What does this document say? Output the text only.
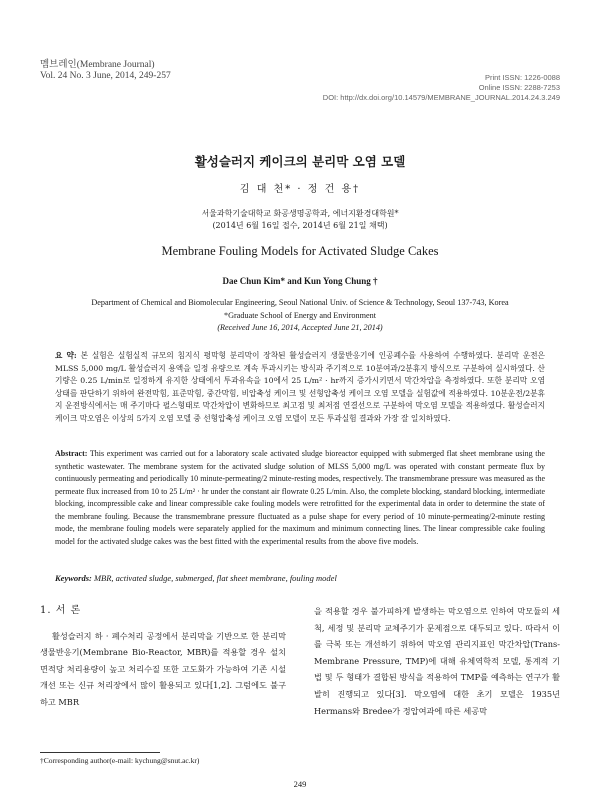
멤브레인(Membrane Journal)
Vol. 24 No. 3 June, 2014, 249-257	Print ISSN: 1226-0088
Online ISSN: 2288-7253
DOI: http://dx.doi.org/10.14579/MEMBRANE_JOURNAL.2014.24.3.249
활성슬러지 케이크의 분리막 오염 모델
김 대 천* · 정 건 용†
서울과학기술대학교 화공생명공학과, 에너지환경대학원*
(2014년 6월 16일 접수, 2014년 6월 21일 채택)
Membrane Fouling Models for Activated Sludge Cakes
Dae Chun Kim* and Kun Yong Chung †
Department of Chemical and Biomolecular Engineering, Seoul National Univ. of Science & Technology, Seoul 137-743, Korea
*Graduate School of Energy and Environment
(Received June 16, 2014, Accepted June 21, 2014)
요 약: 본 실험은 실험실적 규모의 침지식 평막형 분리막이 장착된 활성슬러지 생물반응기에 인공폐수를 사용하여 수행하였다. 분리막 운전은 MLSS 5,000 mg/L 활성슬러지 용액을 일정 유량으로 계속 투과시키는 방식과 주기적으로 10분여과/2분휴지 방식으로 구분하여 실시하였다. 산기량은 0.25 L/min로 일정하게 유지한 상태에서 투과유속을 10에서 25 L/m² · hr까지 증가시키면서 막간차압을 측정하였다. 또한 분리막 오염 상태를 판단하기 위하여 완전막힘, 표준막힘, 중간막힘, 비압축성 케이크 및 선형압축성 케이크 오염 모델을 실험값에 적용하였다. 10분운전/2분휴지 운전방식에서는 매 주기마다 펄스형태로 막간차압이 변화하므로 최고점 및 최저점 연결선으로 구분하여 막오염 모델을 적용하였다. 활성슬러지 케이크 막오염은 이상의 5가지 오염 모델 중 선형압축성 케이크 오염 모델이 모든 투과실험 결과와 가장 잘 일치하였다.
Abstract: This experiment was carried out for a laboratory scale activated sludge bioreactor equipped with submerged flat sheet membrane using the synthetic wastewater. The membrane system for the activated sludge solution of MLSS 5,000 mg/L was operated with constant permeate flux by continuously permeating and periodically 10 minute-permeating/2 minute-resting modes, respectively. The transmembrane pressure was measured as the permeate flux increased from 10 to 25 L/m² · hr under the constant air flowrate 0.25 L/min. Also, the complete blocking, standard blocking, intermediate blocking, incompressible cake and linear compressible cake fouling models were retrofitted for the experimental data in order to determine the state of the membrane fouling. Because the transmembrane pressure fluctuated as a pulse shape for every period of 10 minute-permeating/2-minute resting mode, the membrane fouling models were separately applied for the maximum and minimum connecting lines. The linear compressible cake fouling model for the activated sludge cakes was the best fitted with the experimental results from the above five models.
Keywords: MBR, activated sludge, submerged, flat sheet membrane, fouling model
1. 서 론

활성슬러지 하 · 폐수처리 공정에서 분리막을 기반으로 한 분리막 생물반응기(Membrane Bio-Reactor, MBR)를 적용할 경우 설치 면적당 처리용량이 높고 처리수질 또한 고도화가 가능하여 기존 시설 개선 또는 신규 처리장에서 많이 활용되고 있다[1,2]. 그럼에도 불구하고 MBR

을 적용할 경우 불가피하게 발생하는 막오염으로 인하여 막모듈의 세척, 세정 및 분리막 교체주기가 문제점으로 대두되고 있다. 따라서 이를 극복 또는 개선하기 위하여 막오염 관리지표인 막간차압(Trans-Membrane Pressure, TMP)에 대해 유체역학적 모델, 통계적 기법 및 두 형태가 결합된 방식을 적용하여 TMP를 예측하는 연구가 활발히 진행되고 있다[3]. 막오염에 대한 초기 모델은 1935년 Hermans와 Bredee가 정압여과에 따른 세공막

†Corresponding author(e-mail: kychung@snut.ac.kr)
249
